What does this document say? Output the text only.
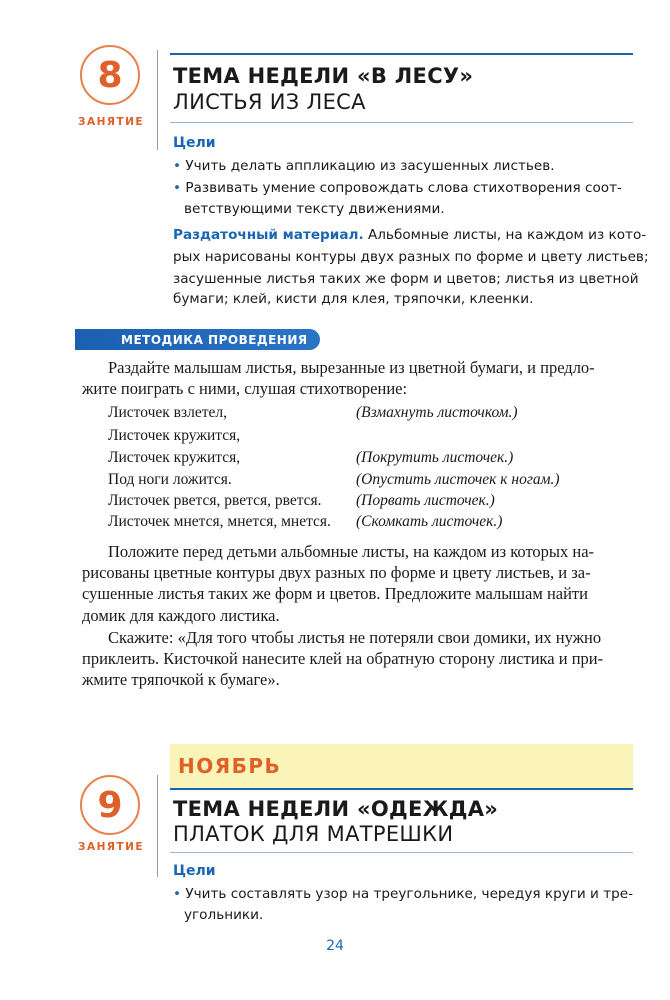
8
ЗАНЯТИЕ
ТЕМА НЕДЕЛИ «В ЛЕСУ»
ЛИСТЬЯ ИЗ ЛЕСА
Цели

• Учить делать аппликацию из засушенных листьев.

• Развивать умение сопровождать слова стихотворения соот-

ветствующими тексту движениями.

Раздаточный материал. Альбомные листы, на каждом из кото-

рых нарисованы контуры двух разных по форме и цвету листьев;

засушенные листья таких же форм и цветов; листья из цветной

бумаги; клей, кисти для клея, тряпочки, клеенки.

МЕТОДИКА ПРОВЕДЕНИЯ

Раздайте малышам листья, вырезанные из цветной бумаги, и предло-

жите поиграть с ними, слушая стихотворение:

Листочек взлетел,	(Взмахнуть листочком.)
Листочек кружится,
Листочек кружится,	(Покрутить листочек.)
Под ноги ложится.	(Опустить листочек к ногам.)
Листочек рвется, рвется, рвется. (Порвать листочек.)
Листочек мнется, мнется, мнется. (Скомкать листочек.)

Положите перед детьми альбомные листы, на каждом из которых на-

рисованы цветные контуры двух разных по форме и цвету листьев, и за-

сушенные листья таких же форм и цветов. Предложите малышам найти

домик для каждого листика.

Скажите: «Для того чтобы листья не потеряли свои домики, их нужно

приклеить. Кисточкой нанесите клей на обратную сторону листика и при-

жмите тряпочкой к бумаге».

НОЯБРЬ
9
ЗАНЯТИЕ
ТЕМА НЕДЕЛИ «ОДЕЖДА»
ПЛАТОК ДЛЯ МАТРЕШКИ
Цели

• Учить составлять узор на треугольнике, чередуя круги и тре-

угольники.

24
